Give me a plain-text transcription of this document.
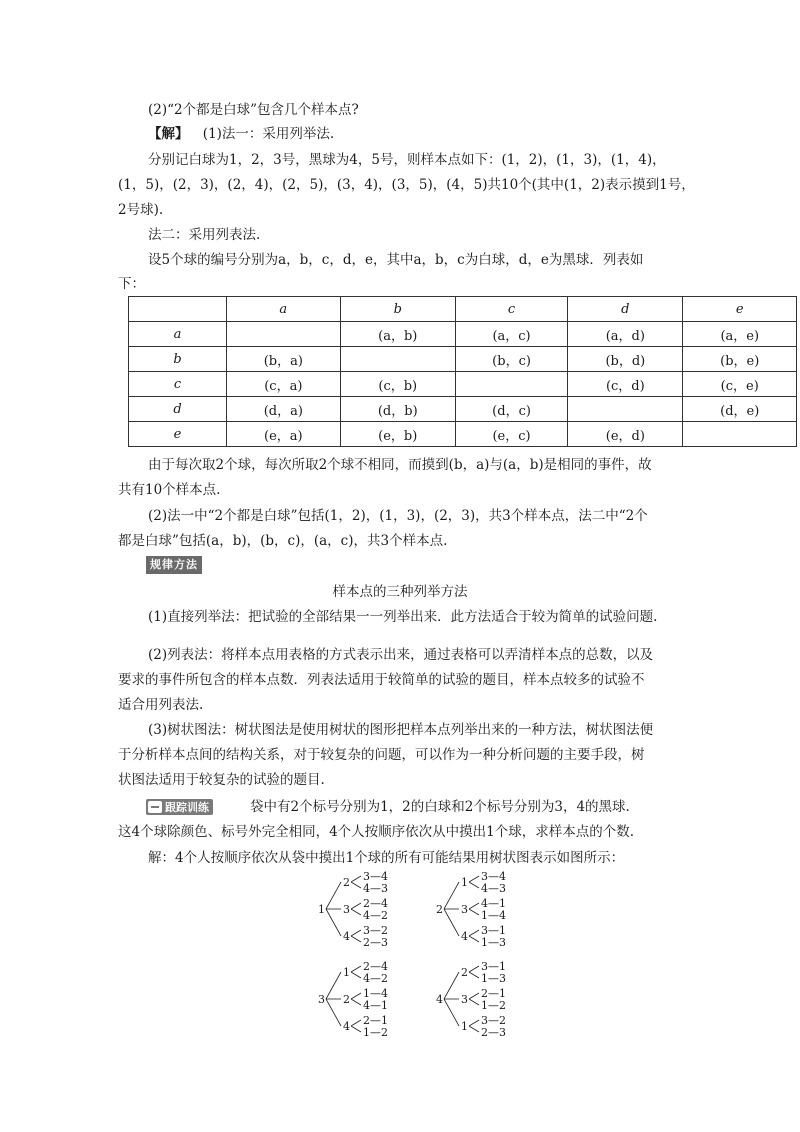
(2)“2个都是白球”包含几个样本点?
【解】 (1)法一：采用列举法.
分别记白球为1，2，3号，黑球为4，5号，则样本点如下：(1，2)，(1，3)，(1，4)，
(1，5)，(2，3)，(2，4)，(2，5)，(3，4)，(3，5)，(4，5)共10个(其中(1，2)表示摸到1号，
2号球).
法二：采用列表法.
设5个球的编号分别为a，b，c，d，e，其中a，b，c为白球，d，e为黑球．列表如
下：
	a	b	c	d	e
a		(a，b)	(a，c)	(a，d)	(a，e)
b	(b，a)		(b，c)	(b，d)	(b，e)
c	(c，a)	(c，b)		(c，d)	(c，e)
d	(d，a)	(d，b)	(d，c)		(d，e)
e	(e，a)	(e，b)	(e，c)	(e，d)	
由于每次取2个球，每次所取2个球不相同，而摸到(b，a)与(a，b)是相同的事件，故
共有10个样本点.
(2)法一中“2个都是白球”包括(1，2)，(1，3)，(2，3)，共3个样本点，法二中“2个
都是白球”包括(a，b)，(b，c)，(a，c)，共3个样本点.
规律方法
样本点的三种列举方法
(1)直接列举法：把试验的全部结果一一列举出来．此方法适合于较为简单的试验问题.
(2)列表法：将样本点用表格的方式表示出来，通过表格可以弄清样本点的总数，以及
要求的事件所包含的样本点数．列表法适用于较简单的试验的题目，样本点较多的试验不
适合用列表法.
(3)树状图法：树状图法是使用树状的图形把样本点列举出来的一种方法，树状图法便
于分析样本点间的结构关系，对于较复杂的问题，可以作为一种分析问题的主要手段，树
状图法适用于较复杂的试验的题目.
跟踪训练	袋中有2个标号分别为1，2的白球和2个标号分别为3，4的黑球.
这4个球除颜色、标号外完全相同，4个人按顺序依次从中摸出1个球，求样本点的个数.
解：4个人按顺序依次从袋中摸出1个球的所有可能结果用树状图表示如图所示：
1
2 3—4
4—3
3 2—4
4—2
4 3—2
2—3
2
1 3—4
4—3
3 4—1
1—4
4 3—1
1—3
3
1 2—4
4—2
2 1—4
4—1
4 2—1
1—2
4
2 3—1
1—3
3 2—1
1—2
1 3—2
2—3
